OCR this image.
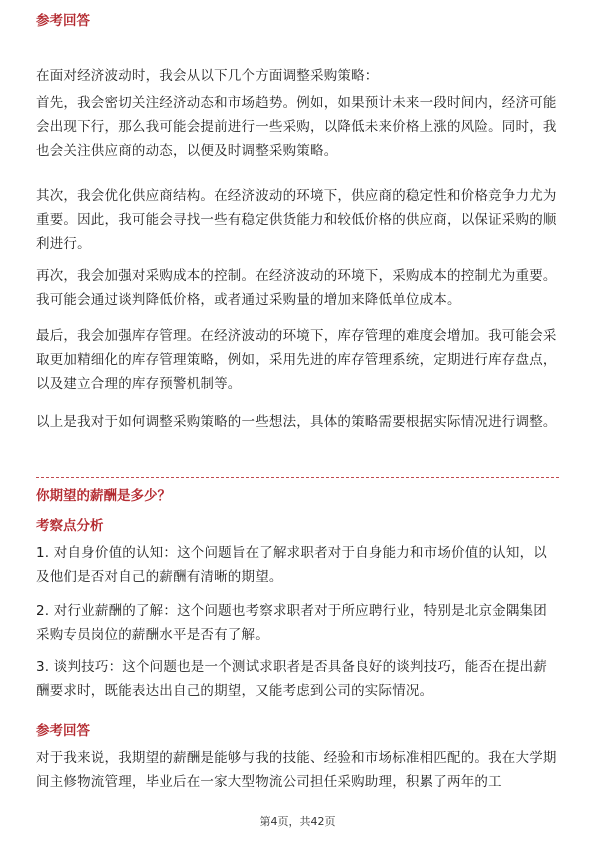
参考回答
在面对经济波动时，我会从以下几个方面调整采购策略：
首先，我会密切关注经济动态和市场趋势。例如，如果预计未来一段时间内，经济可能会出现下行，那么我可能会提前进行一些采购，以降低未来价格上涨的风险。同时，我也会关注供应商的动态，以便及时调整采购策略。
其次，我会优化供应商结构。在经济波动的环境下，供应商的稳定性和价格竞争力尤为重要。因此，我可能会寻找一些有稳定供货能力和较低价格的供应商，以保证采购的顺利进行。
再次，我会加强对采购成本的控制。在经济波动的环境下，采购成本的控制尤为重要。我可能会通过谈判降低价格，或者通过采购量的增加来降低单位成本。
最后，我会加强库存管理。在经济波动的环境下，库存管理的难度会增加。我可能会采取更加精细化的库存管理策略，例如，采用先进的库存管理系统，定期进行库存盘点，以及建立合理的库存预警机制等。
以上是我对于如何调整采购策略的一些想法，具体的策略需要根据实际情况进行调整。
你期望的薪酬是多少？
考察点分析
1. 对自身价值的认知：这个问题旨在了解求职者对于自身能力和市场价值的认知，以及他们是否对自己的薪酬有清晰的期望。
2. 对行业薪酬的了解：这个问题也考察求职者对于所应聘行业，特别是北京金隅集团采购专员岗位的薪酬水平是否有了解。
3. 谈判技巧：这个问题也是一个测试求职者是否具备良好的谈判技巧，能否在提出薪酬要求时，既能表达出自己的期望，又能考虑到公司的实际情况。
参考回答
对于我来说，我期望的薪酬是能够与我的技能、经验和市场标准相匹配的。我在大学期间主修物流管理，毕业后在一家大型物流公司担任采购助理，积累了两年的工
第4页，共42页
